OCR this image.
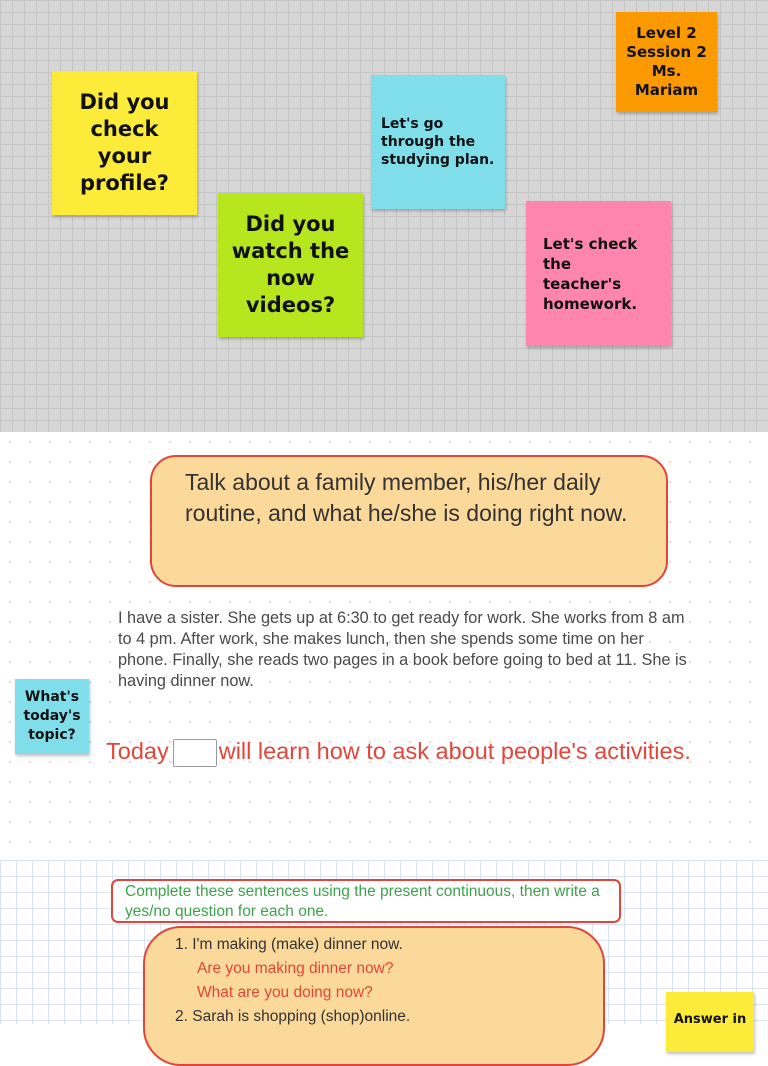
Did you check your profile?
Did you watch the now videos?
Let's go through the studying plan.
Let's check the teacher's homework.
Level 2
Session 2
Ms.
Mariam
Talk about a family member, his/her daily routine, and what he/she is doing right now.

I have a sister. She gets up at 6:30 to get ready for work. She works from 8 am to 4 pm. After work, she makes lunch, then she spends some time on her phone. Finally, she reads two pages in a book before going to bed at 11. She is having dinner now.

What's today's topic?
Today will learn how to ask about people's activities.
1. I'm making (make) dinner now.
Are you making dinner now?
What are you doing now?
2. Sarah is shopping (shop)online.
Complete these sentences using the present continuous, then write a yes/no question for each one.
Answer in
